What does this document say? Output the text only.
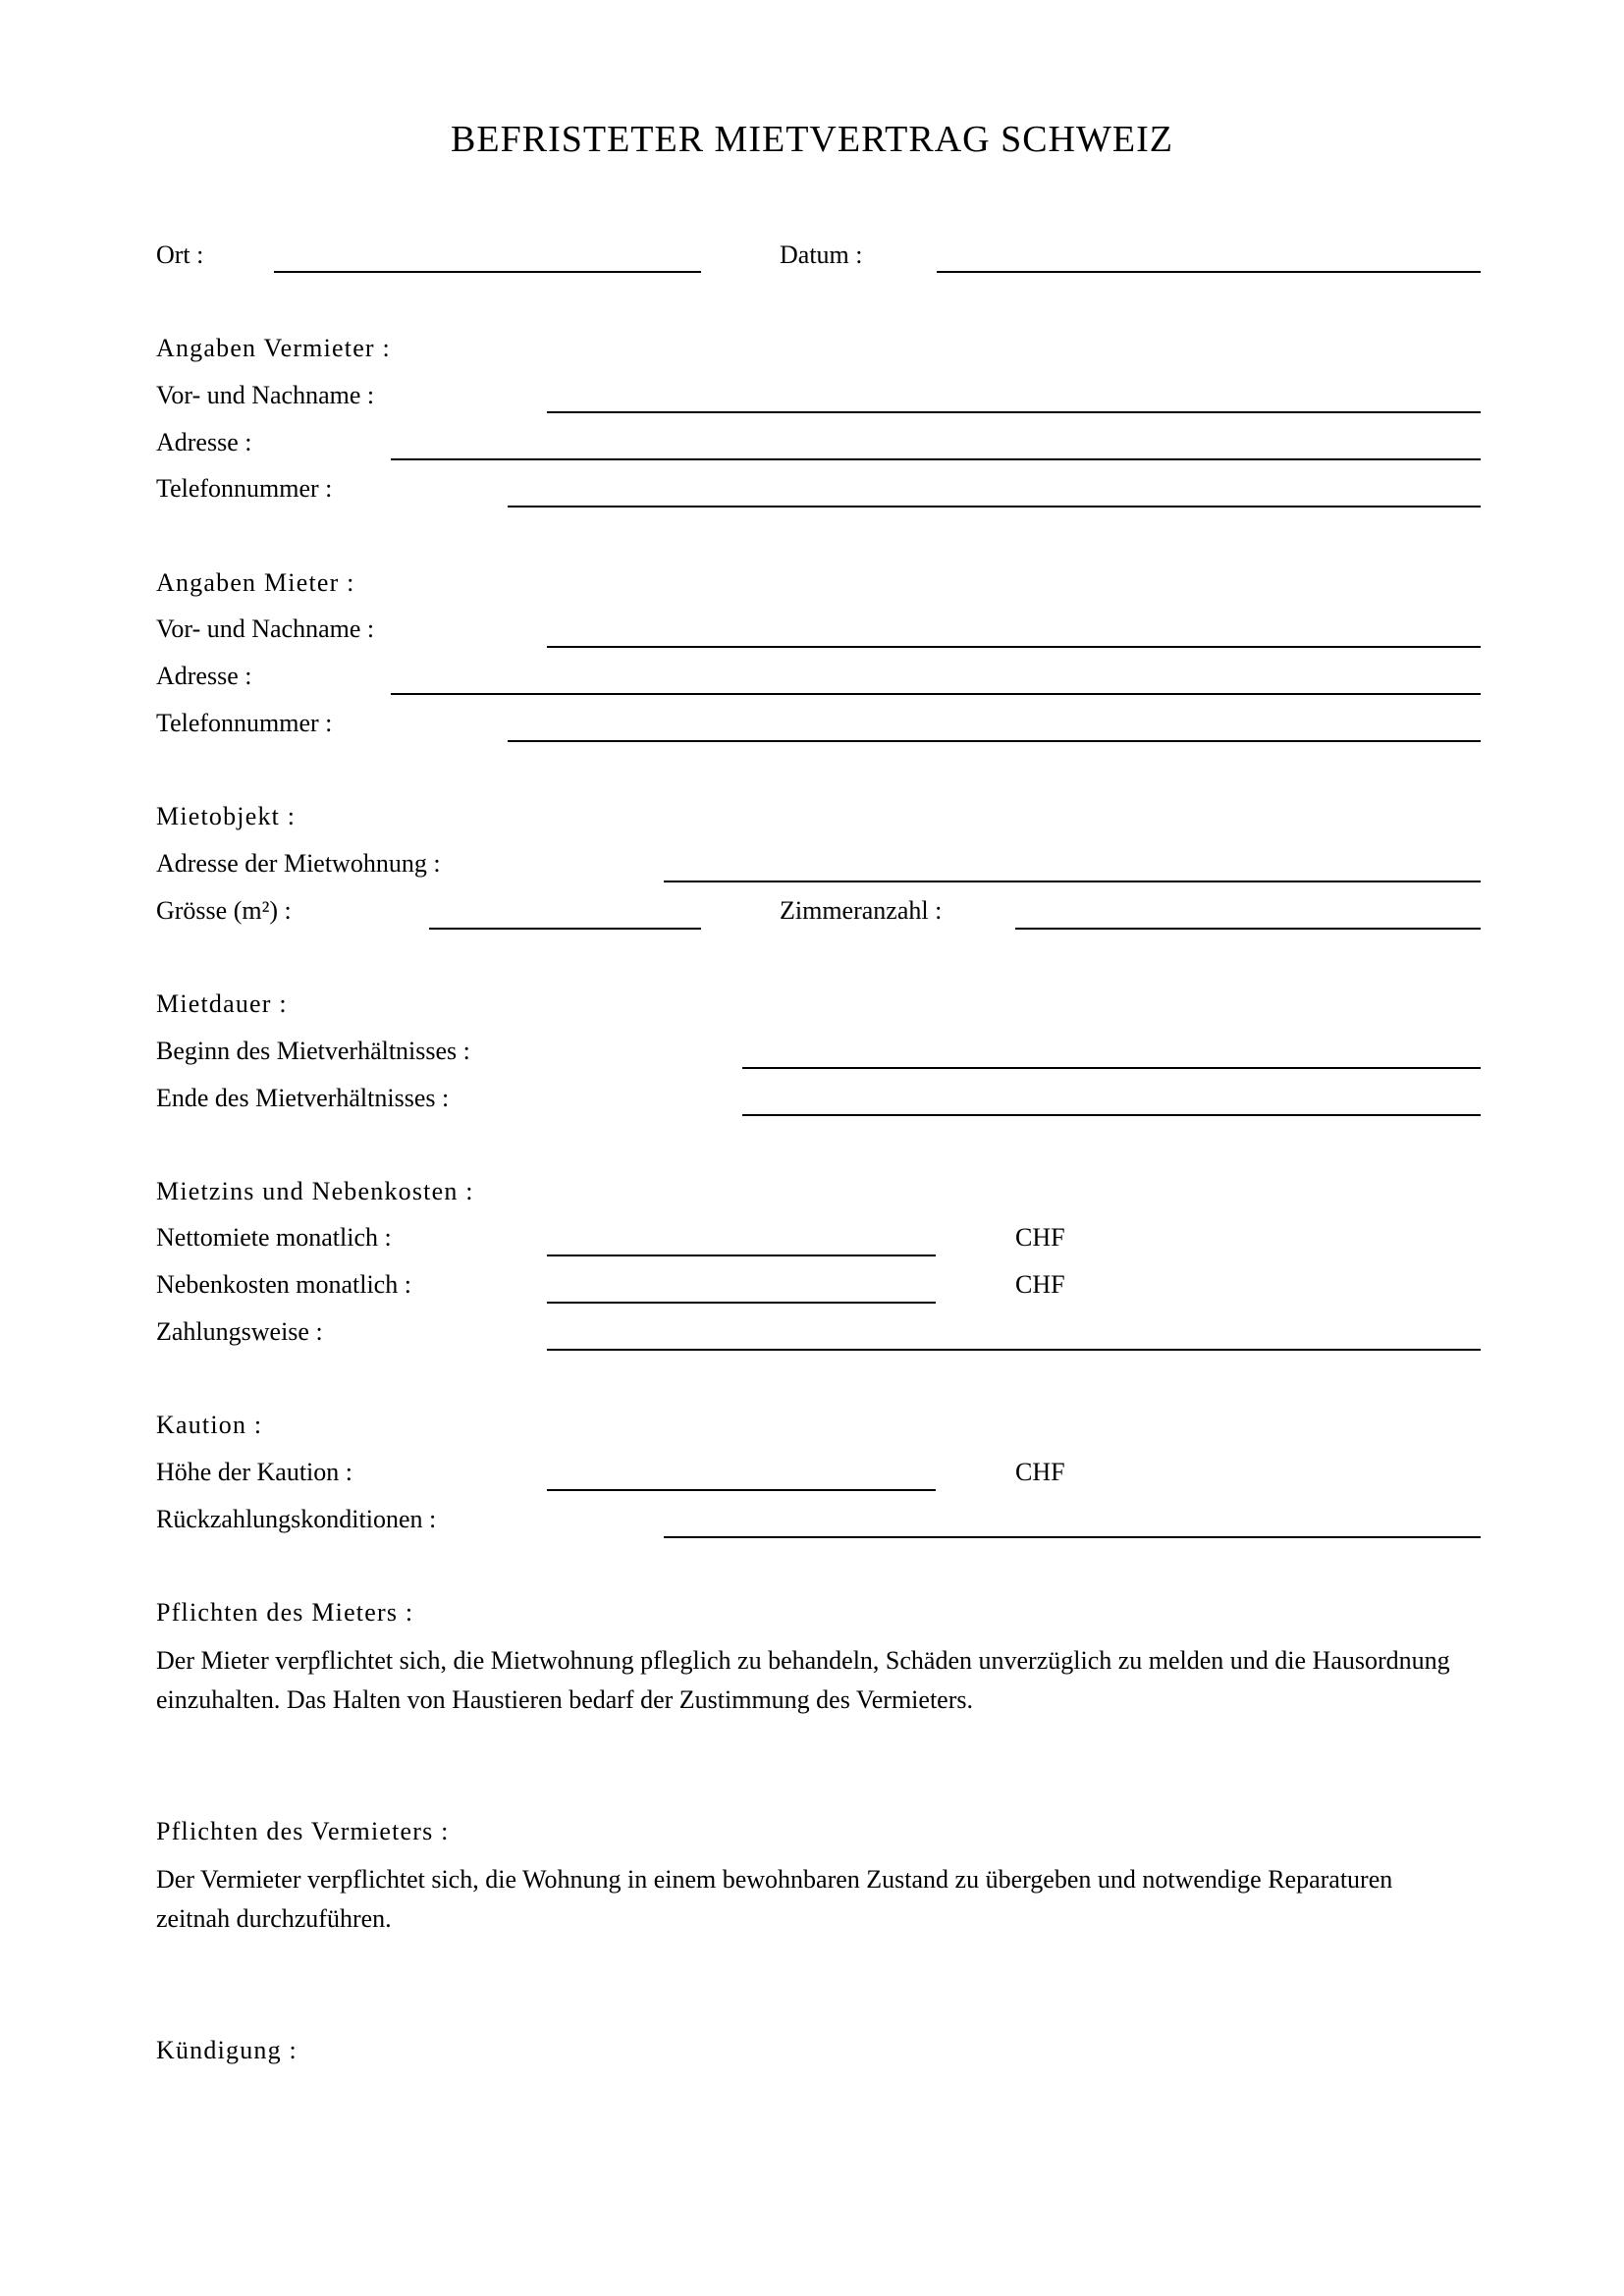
BEFRISTETER MIETVERTRAG SCHWEIZ
Ort :	Datum :
Angaben Vermieter :
Vor- und Nachname :
Adresse :
Telefonnummer :
Angaben Mieter :
Vor- und Nachname :
Adresse :
Telefonnummer :
Mietobjekt :
Adresse der Mietwohnung :
Grösse (m²) :	Zimmeranzahl :
Mietdauer :
Beginn des Mietverhältnisses :
Ende des Mietverhältnisses :
Mietzins und Nebenkosten :
Nettomiete monatlich :	CHF
Nebenkosten monatlich :	CHF
Zahlungsweise :
Kaution :
Höhe der Kaution :	CHF
Rückzahlungskonditionen :
Pflichten des Mieters :

Der Mieter verpflichtet sich, die Mietwohnung pfleglich zu behandeln, Schäden unverzüglich zu melden und die Hausordnung einzuhalten. Das Halten von Haustieren bedarf der Zustimmung des Vermieters.

Pflichten des Vermieters :

Der Vermieter verpflichtet sich, die Wohnung in einem bewohnbaren Zustand zu übergeben und notwendige Reparaturen zeitnah durchzuführen.

Kündigung :
